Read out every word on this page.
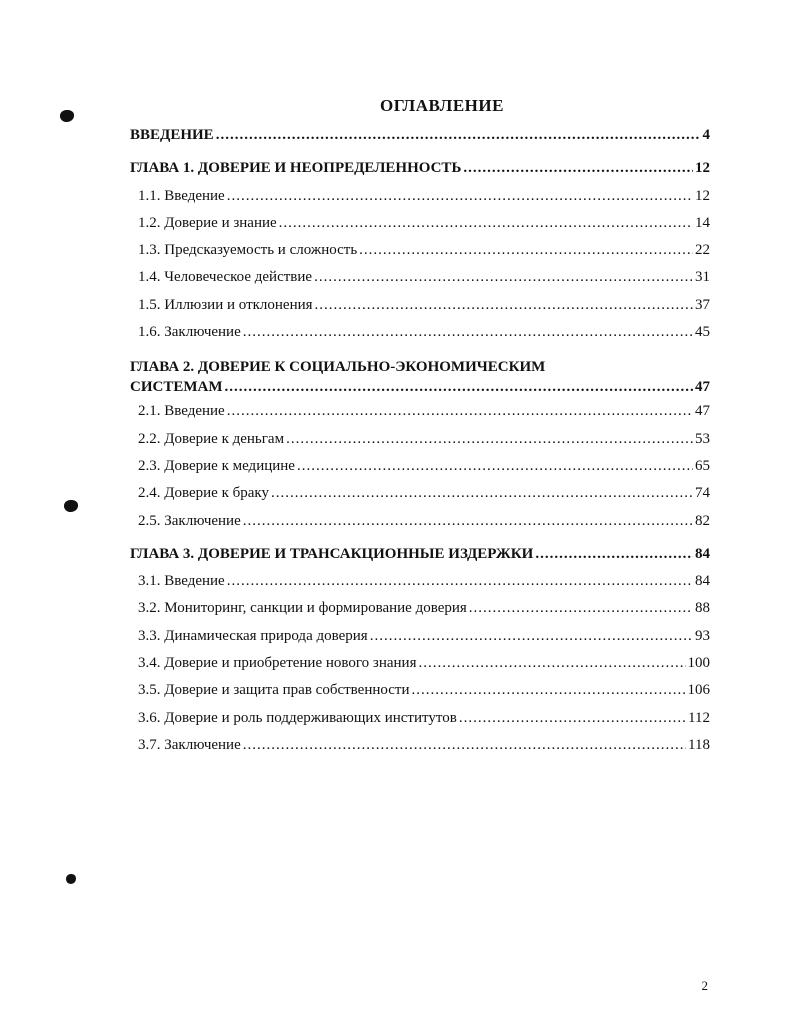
ОГЛАВЛЕНИЕ
ВВЕДЕНИЕ .....	4
ГЛАВА 1. ДОВЕРИЕ И НЕОПРЕДЕЛЕННОСТЬ .....	12
1.1. Введение .....	12
1.2. Доверие и знание .....	14
1.3. Предсказуемость и сложность .....	22
1.4. Человеческое действие .....	31
1.5. Иллюзии и отклонения .....	37
1.6. Заключение .....	45
ГЛАВА 2. ДОВЕРИЕ К СОЦИАЛЬНО-ЭКОНОМИЧЕСКИМ
СИСТЕМАМ .....	47
2.1. Введение .....	47
2.2. Доверие к деньгам .....	53
2.3. Доверие к медицине .....	65
2.4. Доверие к браку .....	74
2.5. Заключение .....	82
ГЛАВА 3. ДОВЕРИЕ И ТРАНСАКЦИОННЫЕ ИЗДЕРЖКИ .....	84
3.1. Введение .....	84
3.2. Мониторинг, санкции и формирование доверия .....	88
3.3. Динамическая природа доверия .....	93
3.4. Доверие и приобретение нового знания .....	100
3.5. Доверие и защита прав собственности .....	106
3.6. Доверие и роль поддерживающих институтов .....	112
3.7. Заключение .....	118
2
